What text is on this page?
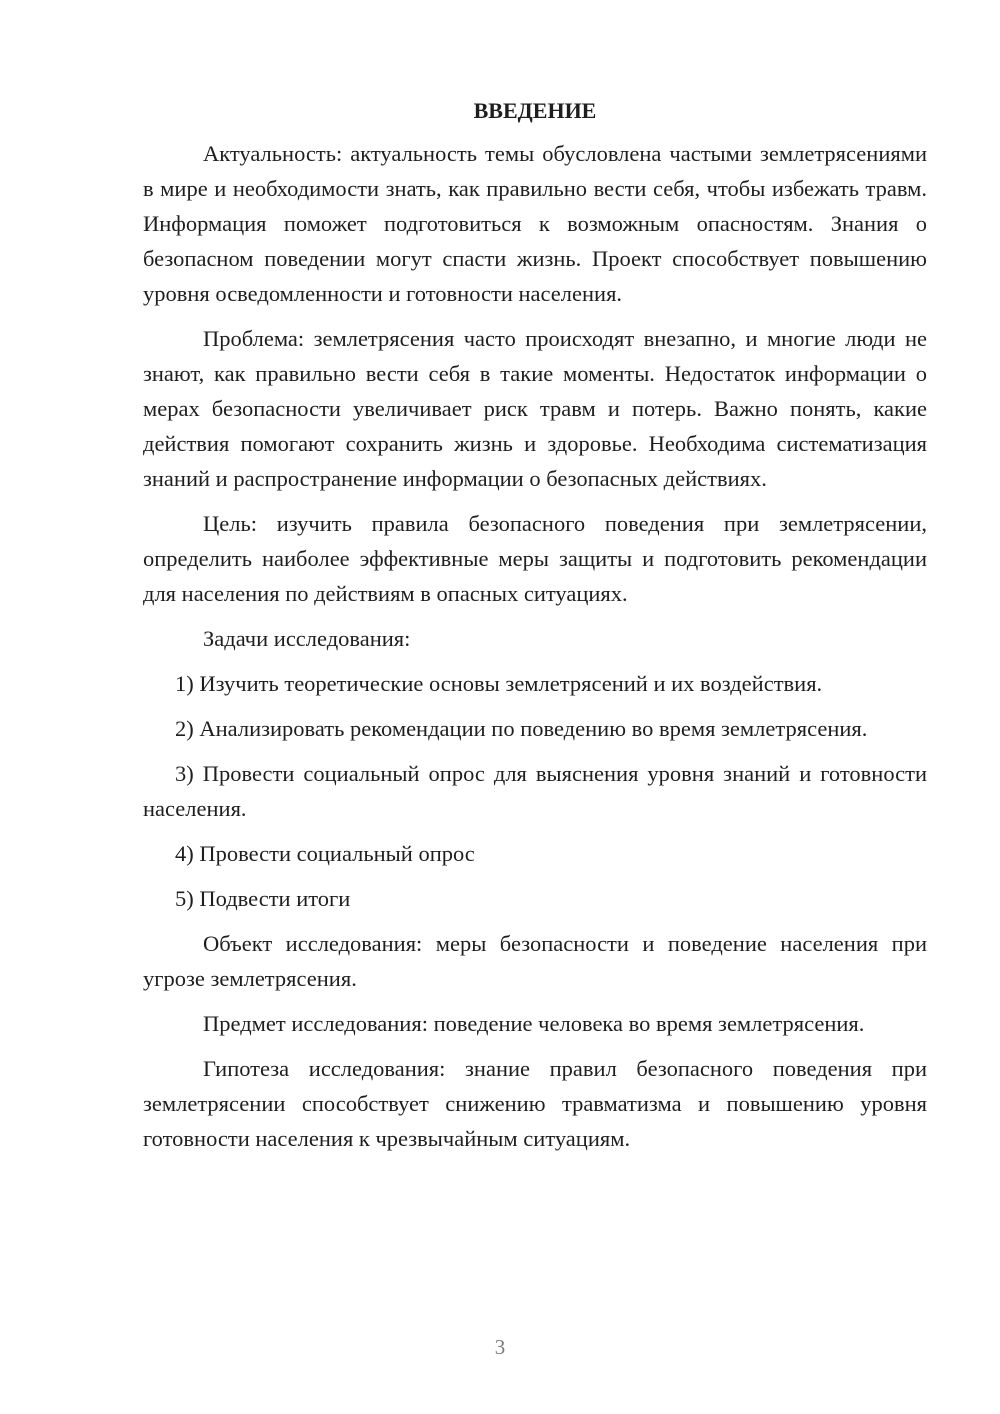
ВВЕДЕНИЕ

Актуальность: актуальность темы обусловлена частыми землетрясениями в мире и необходимости знать, как правильно вести себя, чтобы избежать травм. Информация поможет подготовиться к возможным опасностям. Знания о безопасном поведении могут спасти жизнь. Проект способствует повышению уровня осведомленности и готовности населения.

Проблема: землетрясения часто происходят внезапно, и многие люди не знают, как правильно вести себя в такие моменты. Недостаток информации о мерах безопасности увеличивает риск травм и потерь. Важно понять, какие действия помогают сохранить жизнь и здоровье. Необходима систематизация знаний и распространение информации о безопасных действиях.

Цель: изучить правила безопасного поведения при землетрясении, определить наиболее эффективные меры защиты и подготовить рекомендации для населения по действиям в опасных ситуациях.

Задачи исследования:

1) Изучить теоретические основы землетрясений и их воздействия.

2) Анализировать рекомендации по поведению во время землетрясения.

3) Провести социальный опрос для выяснения уровня знаний и готовности населения.

4) Провести социальный опрос

5) Подвести итоги

Объект исследования: меры безопасности и поведение населения при угрозе землетрясения.

Предмет исследования: поведение человека во время землетрясения.

Гипотеза исследования: знание правил безопасного поведения при землетрясении способствует снижению травматизма и повышению уровня готовности населения к чрезвычайным ситуациям.

3
